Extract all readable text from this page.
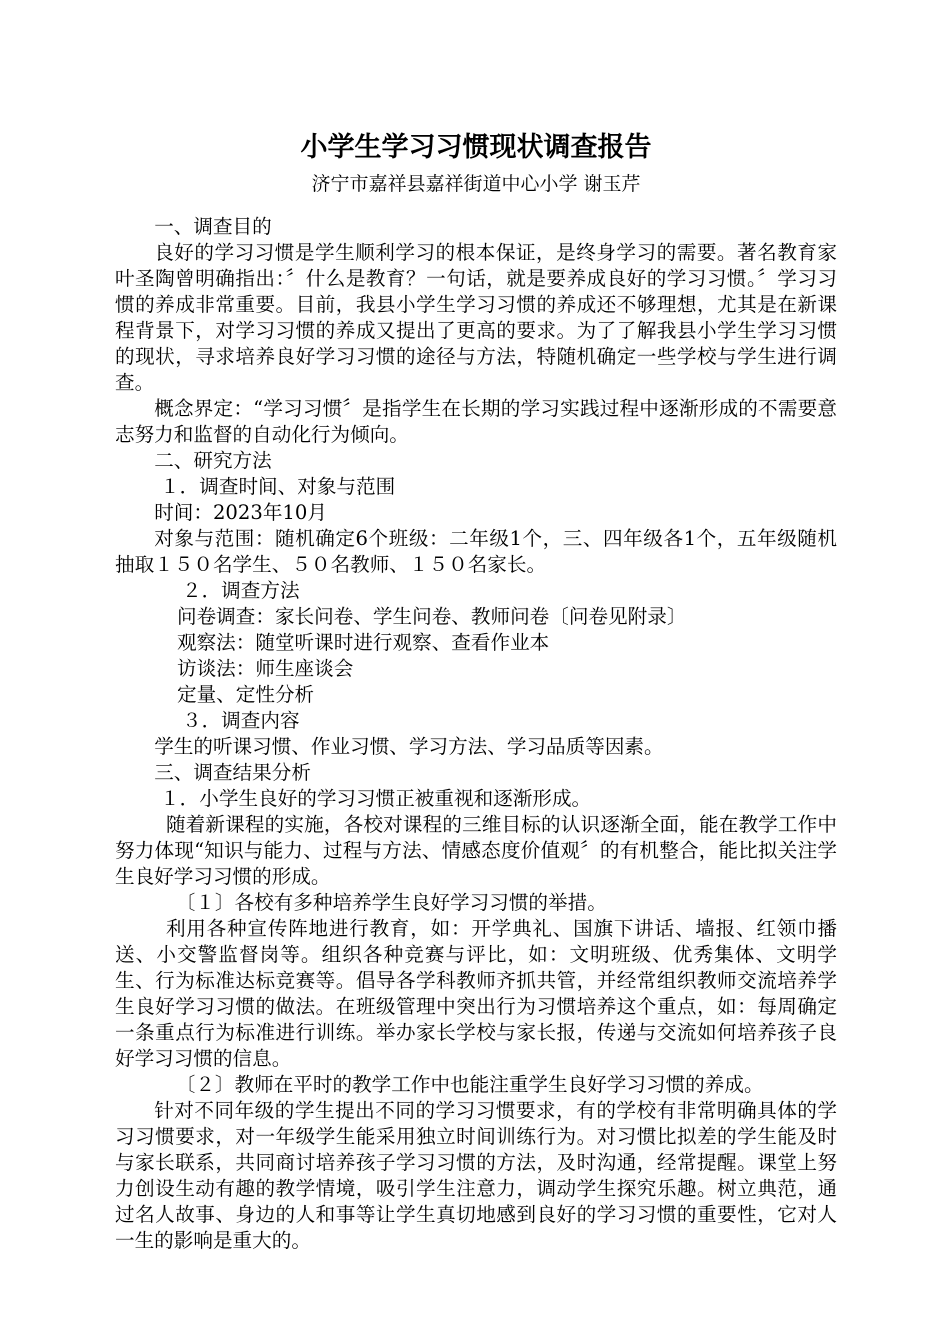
小学生学习习惯现状调查报告
济宁市嘉祥县嘉祥街道中心小学 谢玉芹

一、调查目的

良好的学习习惯是学生顺利学习的根本保证，是终身学习的需要。著名教育家叶圣陶曾明确指出：〞什么是教育？一句话，就是要养成良好的学习习惯。〞学习习惯的养成非常重要。目前，我县小学生学习习惯的养成还不够理想，尤其是在新课程背景下，对学习习惯的养成又提出了更高的要求。为了了解我县小学生学习习惯的现状，寻求培养良好学习习惯的途径与方法，特随机确定一些学校与学生进行调查。

概念界定：“学习习惯〞是指学生在长期的学习实践过程中逐渐形成的不需要意志努力和监督的自动化行为倾向。

二、研究方法

１．调查时间、对象与范围

时间：2023年10月

对象与范围：随机确定6个班级：二年级1个，三、四年级各1个，五年级随机抽取１５０名学生、５０名教师、１５０名家长。

２．调查方法

问卷调查：家长问卷、学生问卷、教师问卷〔问卷见附录〕

观察法：随堂听课时进行观察、查看作业本

访谈法：师生座谈会

定量、定性分析

３．调查内容

学生的听课习惯、作业习惯、学习方法、学习品质等因素。

三、调查结果分析

１．小学生良好的学习习惯正被重视和逐渐形成。

随着新课程的实施，各校对课程的三维目标的认识逐渐全面，能在教学工作中努力体现“知识与能力、过程与方法、情感态度价值观〞的有机整合，能比拟关注学生良好学习习惯的形成。

〔１〕各校有多种培养学生良好学习习惯的举措。

利用各种宣传阵地进行教育，如：开学典礼、国旗下讲话、墙报、红领巾播送、小交警监督岗等。组织各种竞赛与评比，如：文明班级、优秀集体、文明学生、行为标准达标竞赛等。倡导各学科教师齐抓共管，并经常组织教师交流培养学生良好学习习惯的做法。在班级管理中突出行为习惯培养这个重点，如：每周确定一条重点行为标准进行训练。举办家长学校与家长报，传递与交流如何培养孩子良好学习习惯的信息。

〔２〕教师在平时的教学工作中也能注重学生良好学习习惯的养成。

针对不同年级的学生提出不同的学习习惯要求，有的学校有非常明确具体的学习习惯要求，对一年级学生能采用独立时间训练行为。对习惯比拟差的学生能及时与家长联系，共同商讨培养孩子学习习惯的方法，及时沟通，经常提醒。课堂上努力创设生动有趣的教学情境，吸引学生注意力，调动学生探究乐趣。树立典范，通过名人故事、身边的人和事等让学生真切地感到良好的学习习惯的重要性，它对人一生的影响是重大的。
